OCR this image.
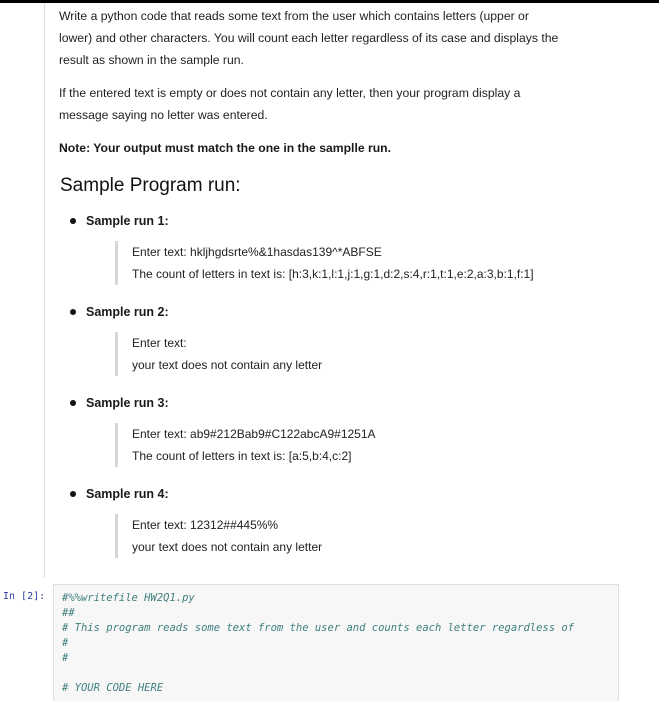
Write a python code that reads some text from the user which contains letters (upper or
lower) and other characters. You will count each letter regardless of its case and displays the
result as shown in the sample run.

If the entered text is empty or does not contain any letter, then your program display a
message saying no letter was entered.

Note: Your output must match the one in the samplle run.

Sample Program run:
Sample run 1:
Enter text: hkljhgdsrte%&1hasdas139^*ABFSE
The count of letters in text is: [h:3,k:1,l:1,j:1,g:1,d:2,s:4,r:1,t:1,e:2,a:3,b:1,f:1]
Sample run 2:
Enter text:
your text does not contain any letter
Sample run 3:
Enter text: ab9#212Bab9#C122abcA9#1251A
The count of letters in text is: [a:5,b:4,c:2]
Sample run 4:
Enter text: 12312##445%%
your text does not contain any letter
In [2]: #%%writefile HW2Q1.py
##
# This program reads some text from the user and counts each letter regardless of
#
#

# YOUR CODE HERE
